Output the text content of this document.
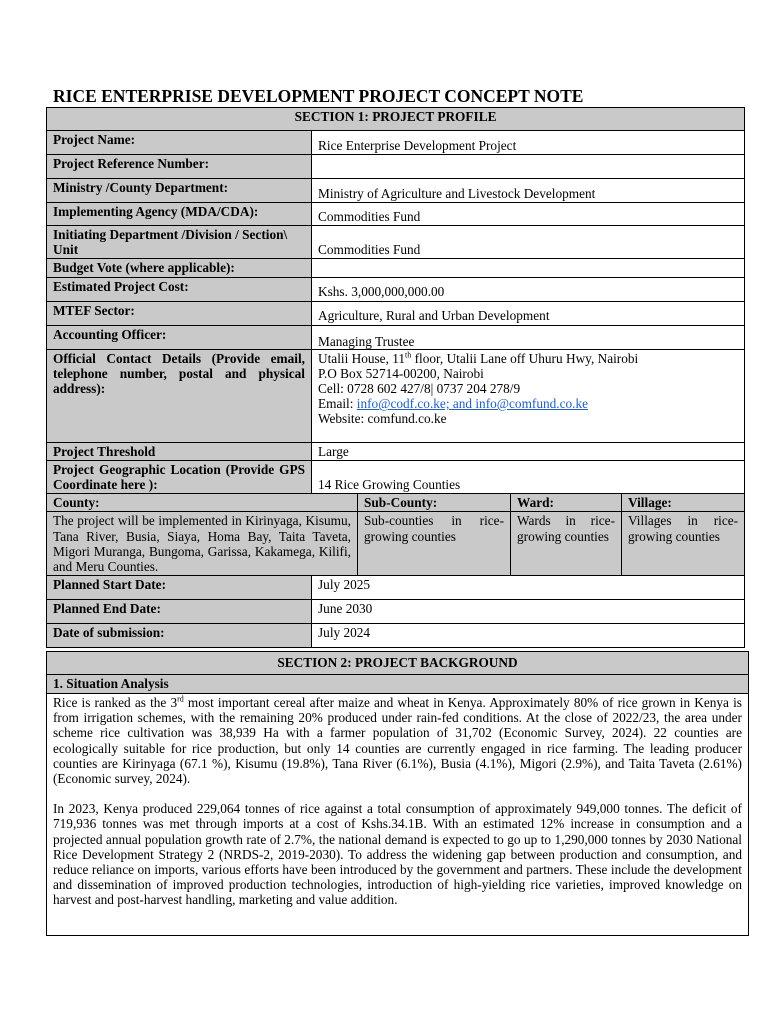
RICE ENTERPRISE DEVELOPMENT PROJECT CONCEPT NOTE
SECTION 1: PROJECT PROFILE				
Project Name:	Rice Enterprise Development Project			
Project Reference Number:				
Ministry /County Department:	Ministry of Agriculture and Livestock Development			
Implementing Agency (MDA/CDA):	Commodities Fund			
Initiating Department /Division / Section\ Unit	Commodities Fund			
Budget Vote (where applicable):				
Estimated Project Cost:	Kshs. 3,000,000,000.00			
MTEF Sector:	Agriculture, Rural and Urban Development			
Accounting Officer:	Managing Trustee			
Official Contact Details (Provide email, telephone number, postal and physical address):	Utalii House, 11th floor, Utalii Lane off Uhuru Hwy, Nairobi
P.O Box 52714-00200, Nairobi
Cell: 0728 602 427/8| 0737 204 278/9
Email: info@codf.co.ke; and info@comfund.co.ke
Website: comfund.co.ke			

Project Threshold	Large			
Project Geographic Location (Provide GPS Coordinate here ):	14 Rice Growing Counties			
County:		Sub-County:	Ward:	Village:
The project will be implemented in Kirinyaga, Kisumu, Tana River, Busia, Siaya, Homa Bay, Taita Taveta, Migori Muranga, Bungoma, Garissa, Kakamega, Kilifi, and Meru Counties.		Sub-counties in rice-growing counties	Wards in rice-growing counties	Villages in rice-growing counties
Planned Start Date:	July 2025			
Planned End Date:	June 2030			
Date of submission:	July 2024			
SECTION 2: PROJECT BACKGROUND
1. Situation Analysis

Rice is ranked as the 3rd most important cereal after maize and wheat in Kenya. Approximately 80% of rice grown in Kenya is from irrigation schemes, with the remaining 20% produced under rain-fed conditions. At the close of 2022/23, the area under scheme rice cultivation was 38,939 Ha with a farmer population of 31,702 (Economic Survey, 2024). 22 counties are ecologically suitable for rice production, but only 14 counties are currently engaged in rice farming. The leading producer counties are Kirinyaga (67.1 %), Kisumu (19.8%), Tana River (6.1%), Busia (4.1%), Migori (2.9%), and Taita Taveta (2.61%) (Economic survey, 2024).

In 2023, Kenya produced 229,064 tonnes of rice against a total consumption of approximately 949,000 tonnes. The deficit of 719,936 tonnes was met through imports at a cost of Kshs.34.1B. With an estimated 12% increase in consumption and a projected annual population growth rate of 2.7%, the national demand is expected to go up to 1,290,000 tonnes by 2030 National Rice Development Strategy 2 (NRDS-2, 2019-2030). To address the widening gap between production and consumption, and reduce reliance on imports, various efforts have been introduced by the government and partners. These include the development and dissemination of improved production technologies, introduction of high-yielding rice varieties, improved knowledge on harvest and post-harvest handling, marketing and value addition.
